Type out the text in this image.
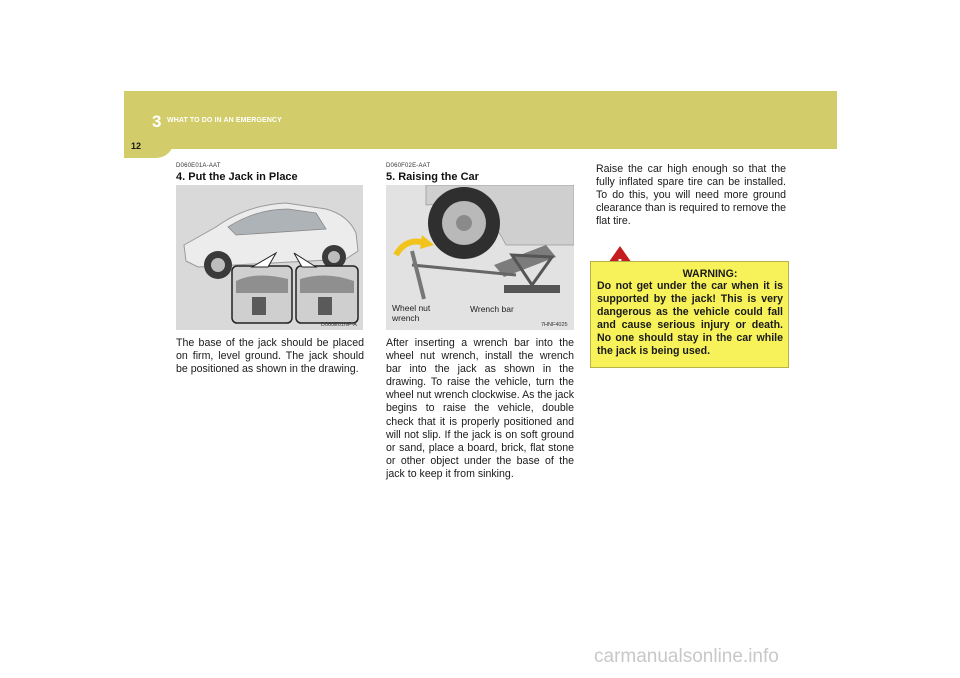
3 WHAT TO DO IN AN EMERGENCY
12
D060E01A-AAT
4. Put the Jack in Place
D060E01NF-A
The base of the jack should be placed on firm, level ground. The jack should be positioned as shown in the drawing.
D060F02E-AAT
5. Raising the Car
Wheel nut wrench
Wrench bar
7HNF4025
After inserting a wrench bar into the wheel nut wrench, install the wrench bar into the jack as shown in the drawing. To raise the vehicle, turn the wheel nut wrench clockwise. As the jack begins to raise the vehicle, double check that it is properly positioned and will not slip. If the jack is on soft ground or sand, place a board, brick, flat stone or other object under the base of the jack to keep it from sinking.
Raise the car high enough so that the fully inflated spare tire can be installed. To do this, you will need more ground clearance than is required to remove the flat tire.
WARNING:
Do not get under the car when it is supported by the jack! This is very dangerous as the vehicle could fall and cause serious injury or death. No one should stay in the car while the jack is being used.
carmanualsonline.info
